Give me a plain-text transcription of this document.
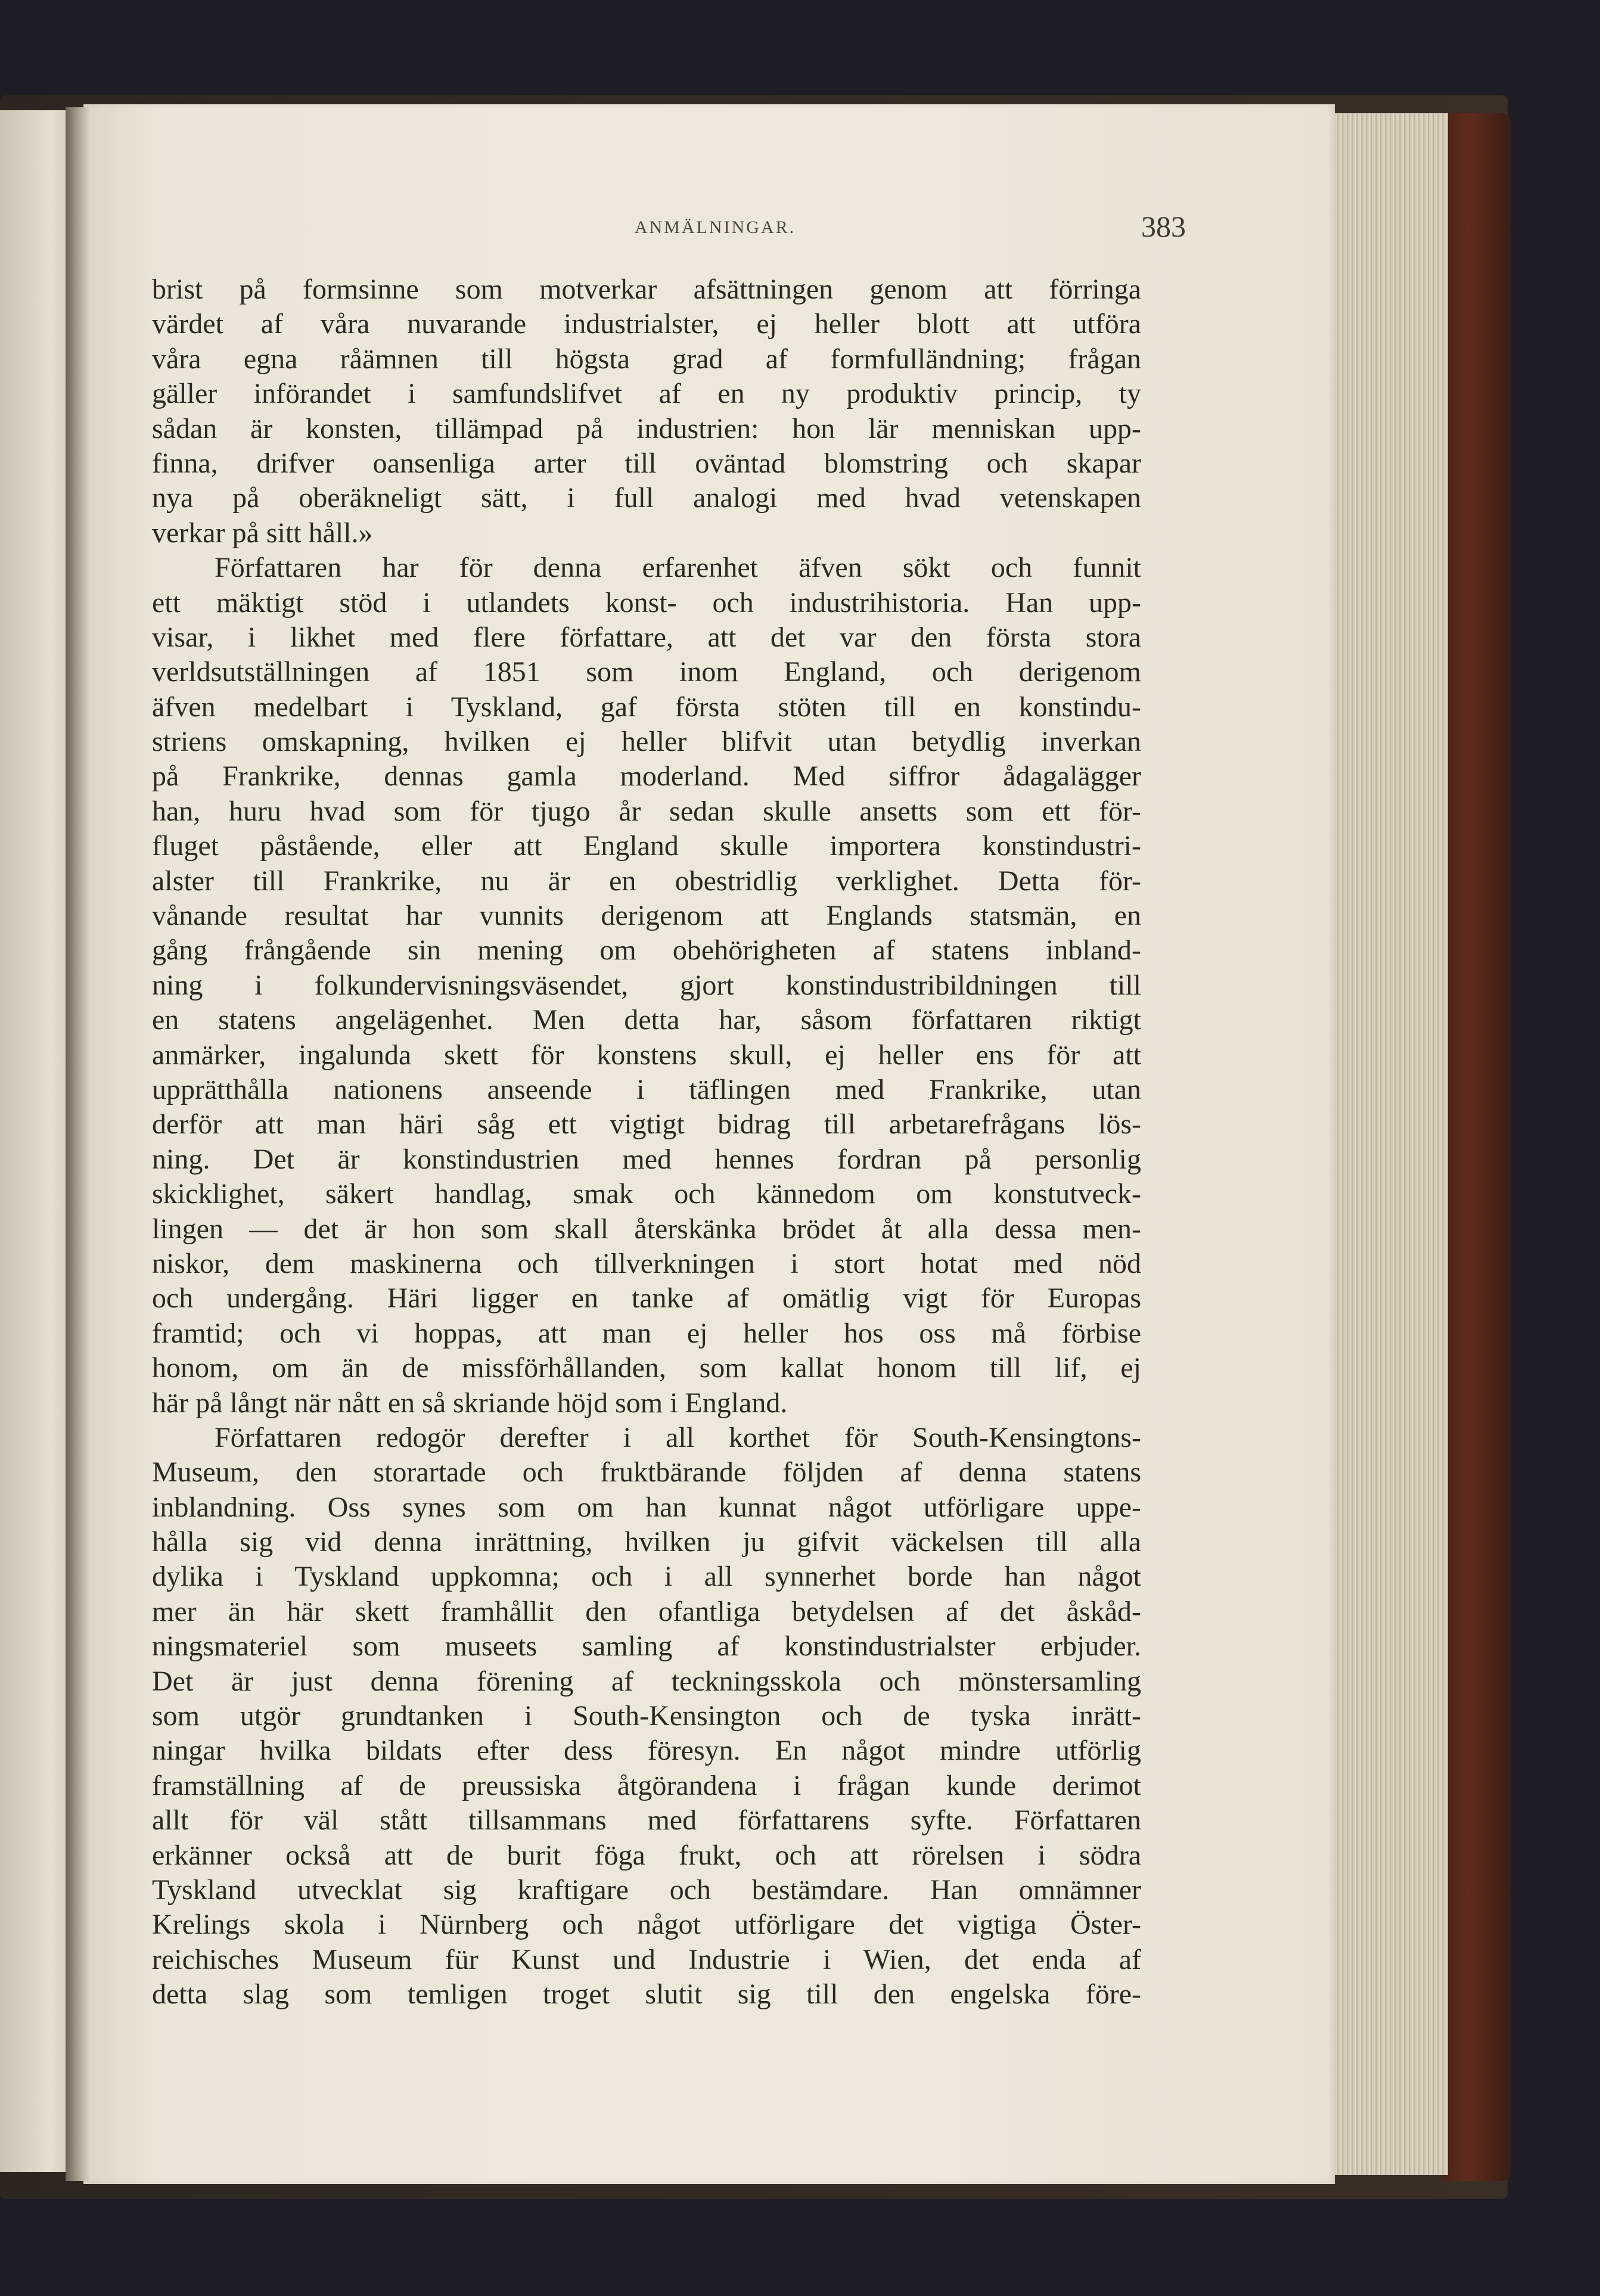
ANMÄLNINGAR.	383
brist på formsinne som motverkar afsättningen genom att förringa
värdet af våra nuvarande industrialster, ej heller blott att utföra
våra egna råämnen till högsta grad af formfulländning; frågan
gäller införandet i samfundslifvet af en ny produktiv princip, ty
sådan är konsten, tillämpad på industrien: hon lär menniskan upp-
finna, drifver oansenliga arter till oväntad blomstring och skapar
nya på oberäkneligt sätt, i full analogi med hvad vetenskapen
verkar på sitt håll.»
Författaren har för denna erfarenhet äfven sökt och funnit
ett mäktigt stöd i utlandets konst- och industrihistoria. Han upp-
visar, i likhet med flere författare, att det var den första stora
verldsutställningen af 1851 som inom England, och derigenom
äfven medelbart i Tyskland, gaf första stöten till en konstindu-
striens omskapning, hvilken ej heller blifvit utan betydlig inverkan
på Frankrike, dennas gamla moderland. Med siffror ådagalägger
han, huru hvad som för tjugo år sedan skulle ansetts som ett för-
fluget påstående, eller att England skulle importera konstindustri-
alster till Frankrike, nu är en obestridlig verklighet. Detta för-
vånande resultat har vunnits derigenom att Englands statsmän, en
gång frångående sin mening om obehörigheten af statens inbland-
ning i folkundervisningsväsendet, gjort konstindustribildningen till
en statens angelägenhet. Men detta har, såsom författaren riktigt
anmärker, ingalunda skett för konstens skull, ej heller ens för att
upprätthålla nationens anseende i täflingen med Frankrike, utan
derför att man häri såg ett vigtigt bidrag till arbetarefrågans lös-
ning. Det är konstindustrien med hennes fordran på personlig
skicklighet, säkert handlag, smak och kännedom om konstutveck-
lingen — det är hon som skall återskänka brödet åt alla dessa men-
niskor, dem maskinerna och tillverkningen i stort hotat med nöd
och undergång. Häri ligger en tanke af omätlig vigt för Europas
framtid; och vi hoppas, att man ej heller hos oss må förbise
honom, om än de missförhållanden, som kallat honom till lif, ej
här på långt när nått en så skriande höjd som i England.
Författaren redogör derefter i all korthet för South-Kensingtons-
Museum, den storartade och fruktbärande följden af denna statens
inblandning. Oss synes som om han kunnat något utförligare uppe-
hålla sig vid denna inrättning, hvilken ju gifvit väckelsen till alla
dylika i Tyskland uppkomna; och i all synnerhet borde han något
mer än här skett framhållit den ofantliga betydelsen af det åskåd-
ningsmateriel som museets samling af konstindustrialster erbjuder.
Det är just denna förening af teckningsskola och mönstersamling
som utgör grundtanken i South-Kensington och de tyska inrätt-
ningar hvilka bildats efter dess föresyn. En något mindre utförlig
framställning af de preussiska åtgörandena i frågan kunde derimot
allt för väl stått tillsammans med författarens syfte. Författaren
erkänner också att de burit föga frukt, och att rörelsen i södra
Tyskland utvecklat sig kraftigare och bestämdare. Han omnämner
Krelings skola i Nürnberg och något utförligare det vigtiga Öster-
reichisches Museum für Kunst und Industrie i Wien, det enda af
detta slag som temligen troget slutit sig till den engelska före-
